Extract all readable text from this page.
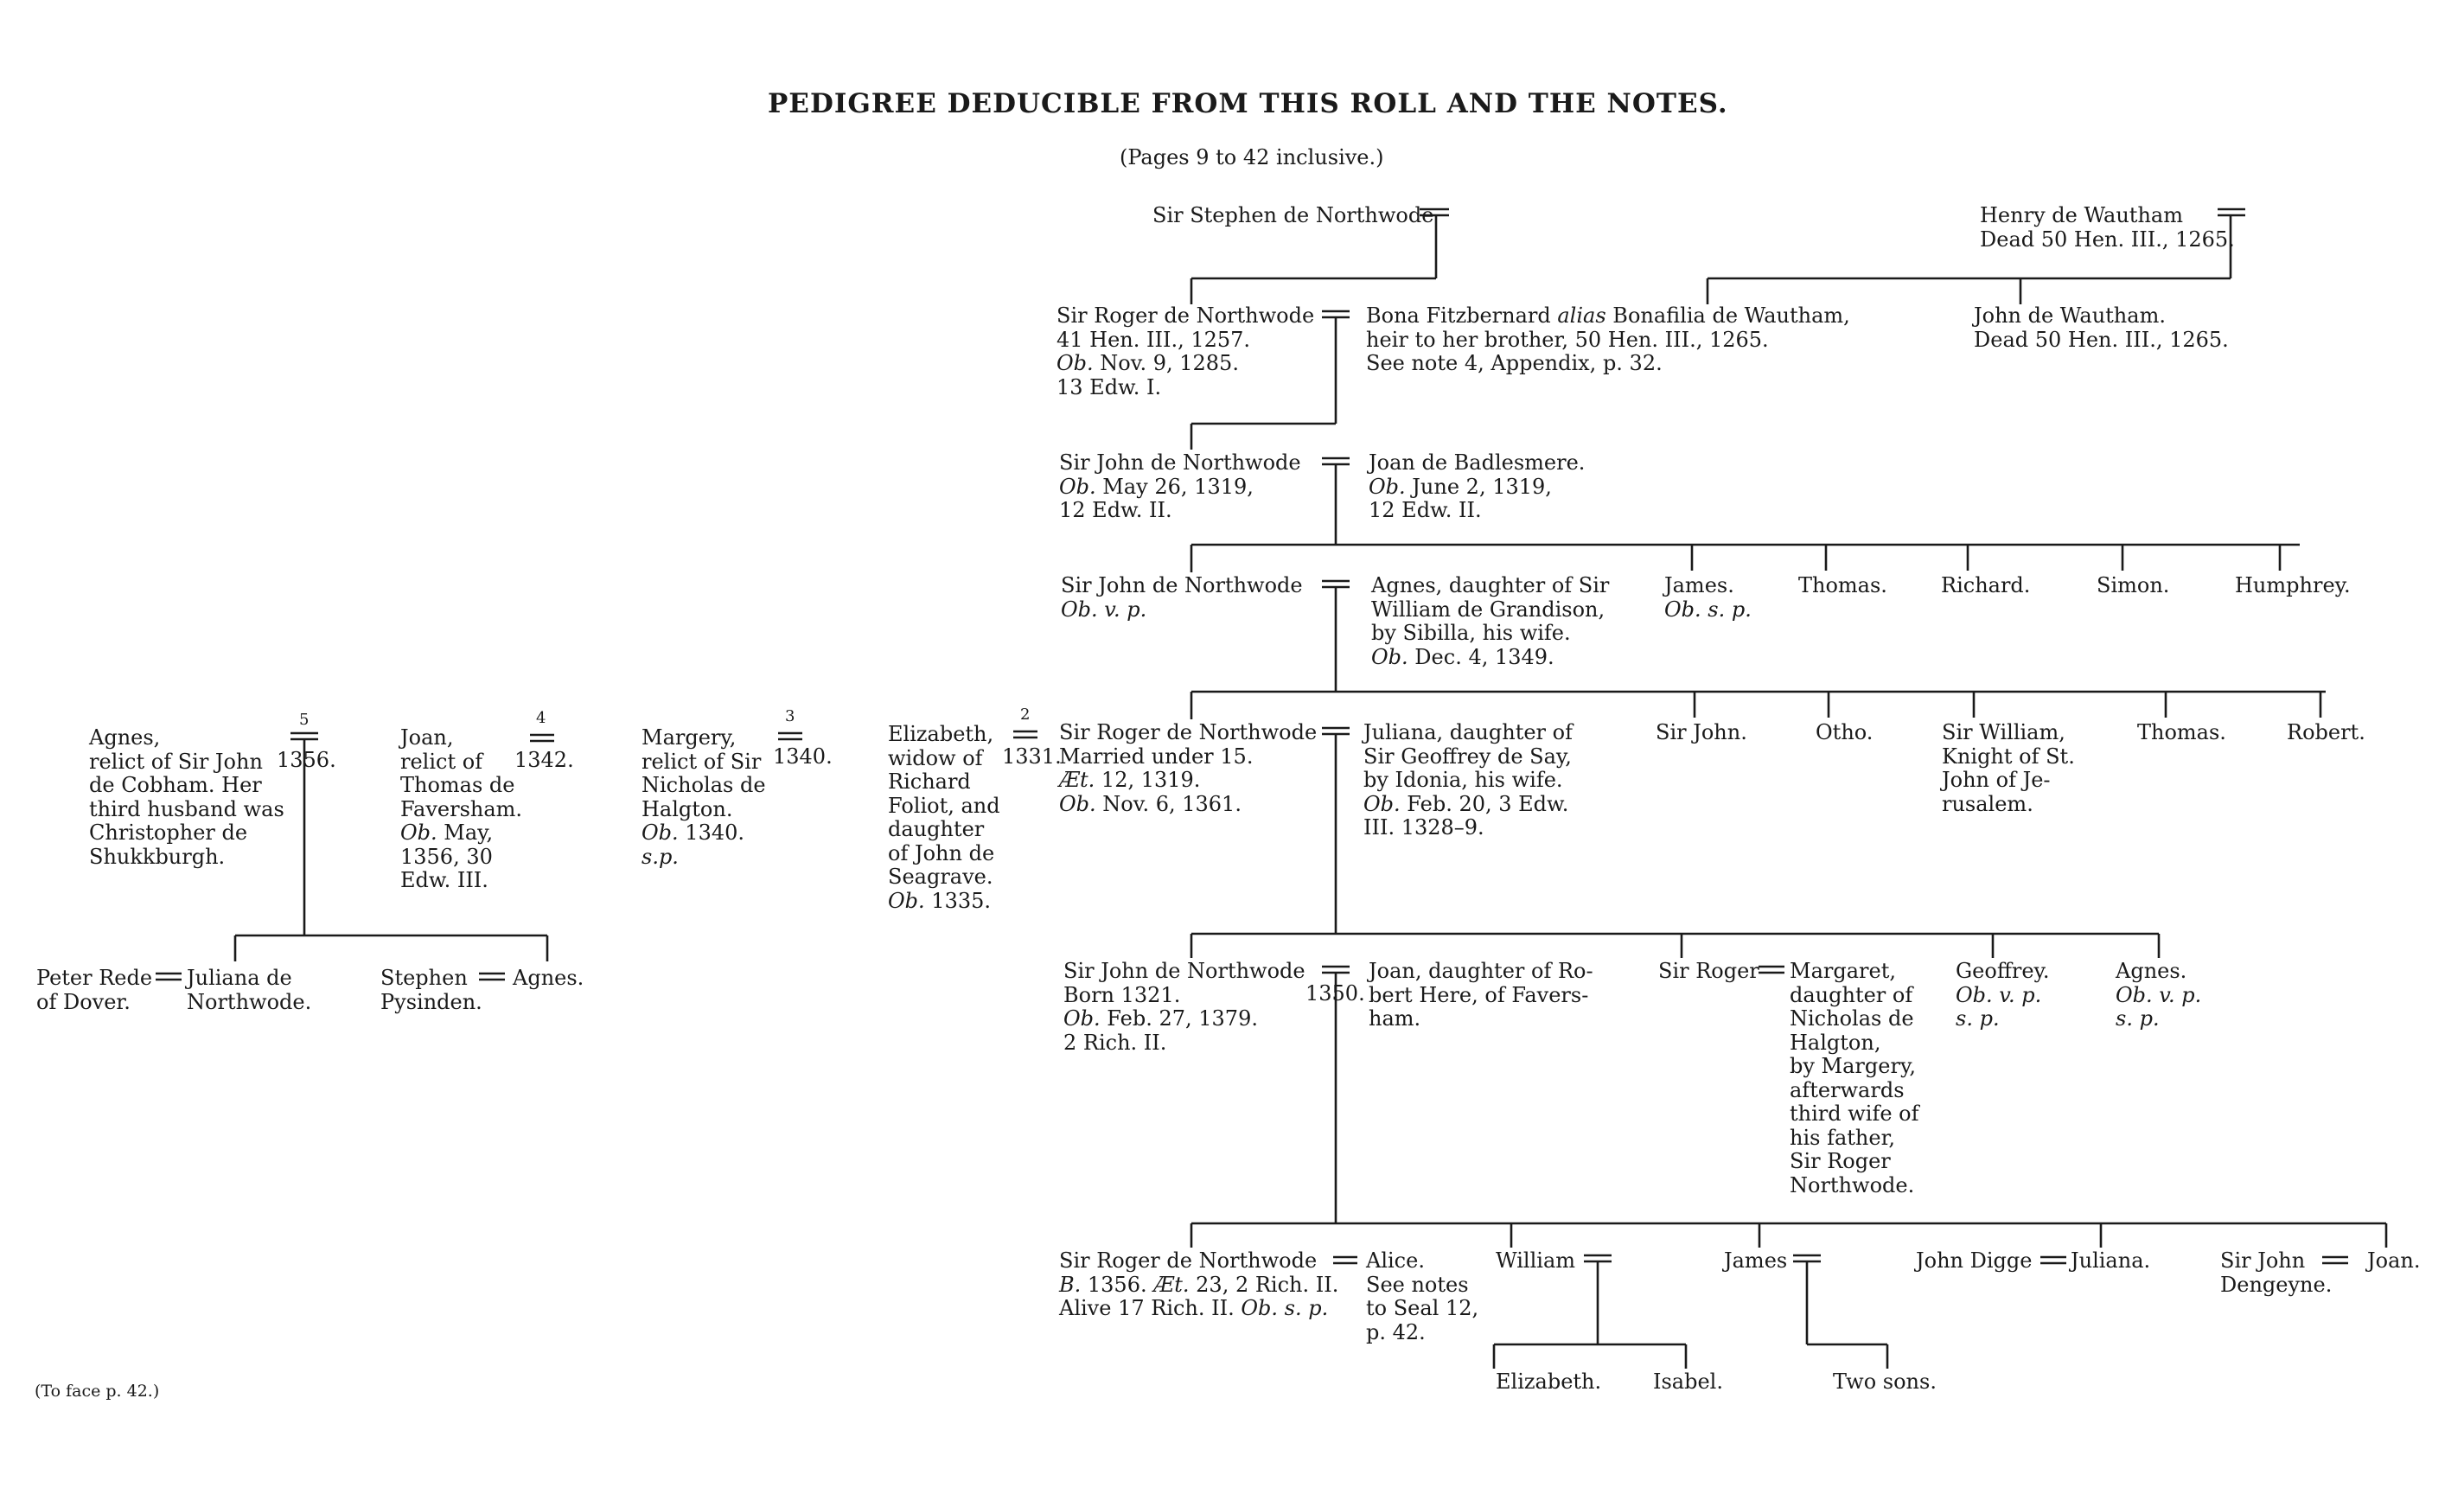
PEDIGREE DEDUCIBLE FROM THIS ROLL AND THE NOTES.
(Pages 9 to 42 inclusive.)
(To face p. 42.)
Sir Stephen de Northwode	Henry de Wautham
Dead 50 Hen. III., 1265.
Sir Roger de Northwode
41 Hen. III., 1257.
Ob. Nov. 9, 1285.
13 Edw. I.
Bona Fitzbernard alias Bonafilia de Wautham,
heir to her brother, 50 Hen. III., 1265.
See note 4, Appendix, p. 32.
John de Wautham.
Dead 50 Hen. III., 1265.
Sir John de Northwode
Ob. May 26, 1319,
12 Edw. II.
Joan de Badlesmere.
Ob. June 2, 1319,
12 Edw. II.
Sir John de Northwode
Ob. v. p.
Agnes, daughter of Sir
William de Grandison,
by Sibilla, his wife.
Ob. Dec. 4, 1349.
James.
Ob. s. p.
Thomas.	Richard.	Simon.	Humphrey.
Agnes,
relict of Sir John
de Cobham. Her
third husband was
Christopher de
Shukkburgh.
1356.
Joan,
relict of
Thomas de
Faversham.
Ob. May,
1356, 30
Edw. III.
1342.
Margery,
relict of Sir
Nicholas de
Halgton.
Ob. 1340.
s.p.
1340.
Elizabeth,
widow of
Richard
Foliot, and
daughter
of John de
Seagrave.
Ob. 1335.
1331.
5	4	3	2
Sir Roger de Northwode
Married under 15.
Æt. 12, 1319.
Ob. Nov. 6, 1361.
Juliana, daughter of
Sir Geoffrey de Say,
by Idonia, his wife.
Ob. Feb. 20, 3 Edw.
III. 1328–9.
Sir John.	Otho.	Sir William,
Knight of St.
John of Je-
rusalem.
Thomas.	Robert.
Peter Rede
of Dover.
Juliana de
Northwode.
Stephen
Pysinden.
Agnes.	Sir John de Northwode
Born 1321.
Ob. Feb. 27, 1379.
2 Rich. II.
1350.
Joan, daughter of Ro-
bert Here, of Favers-
ham.
Sir Roger Margaret,
daughter of
Nicholas de
Halgton,
by Margery,
afterwards
third wife of
his father,
Sir Roger
Northwode.
Geoffrey.
Ob. v. p.
s. p.
Agnes.
Ob. v. p.
s. p.
Sir Roger de Northwode
B. 1356. Æt. 23, 2 Rich. II.
Alive 17 Rich. II. Ob. s. p.
Alice.
See notes
to Seal 12,
p. 42.
William	James	John Digge Juliana.	Sir John
Dengeyne.
Joan.
Elizabeth. Isabel.	Two sons.
